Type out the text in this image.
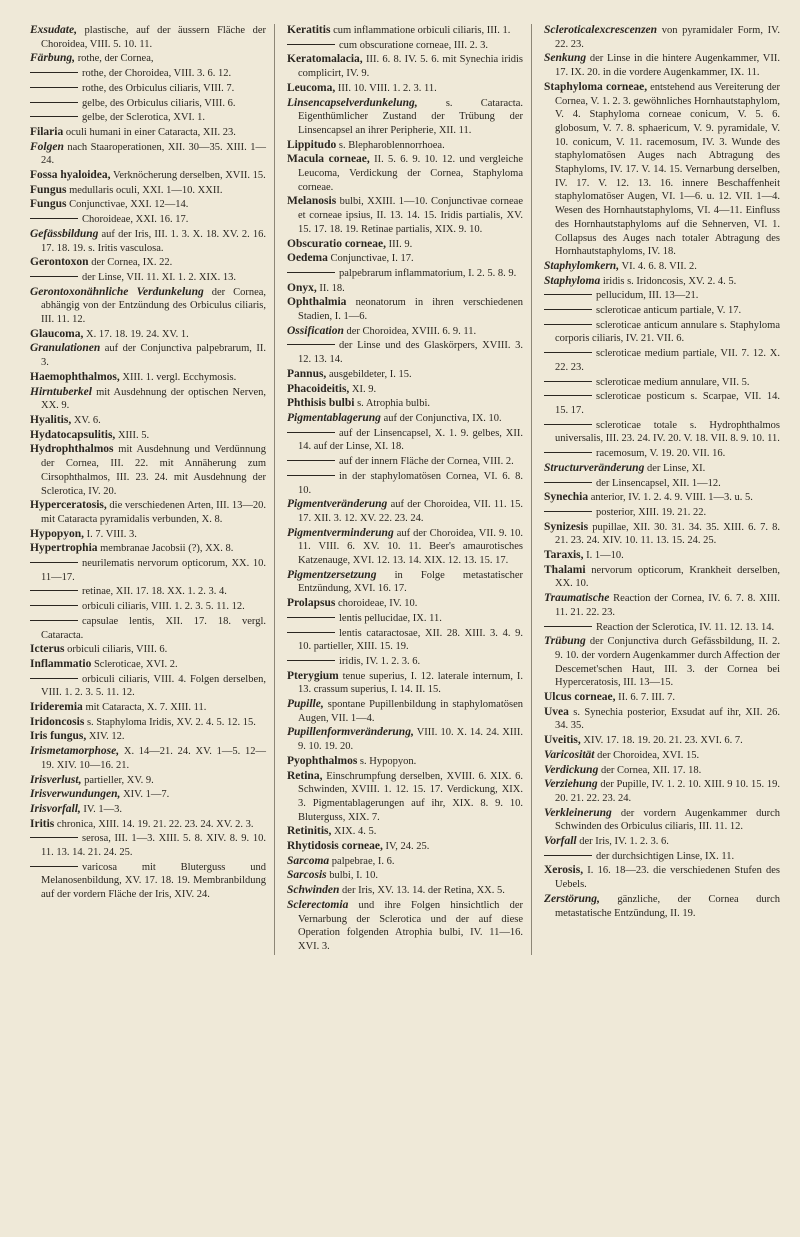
Exsudate, plastische, auf der äussern Fläche der Choroidea, VIII. 5. 10. 11.
Färbung, rothe, der Cornea,
rothe, der Choroidea, VIII. 3. 6. 12.
rothe, des Orbiculus ciliaris, VIII. 7.
gelbe, des Orbiculus ciliaris, VIII. 6.
gelbe, der Sclerotica, XVI. 1.
Filaria oculi humani in einer Cataracta, XII. 23.
Folgen nach Staaroperationen, XII. 30—35. XIII. 1—24.
Fossa hyaloidea, Verknöcherung derselben, XVII. 15.
Fungus medullaris oculi, XXI. 1—10. XXII.
Fungus Conjunctivae, XXI. 12—14.
Choroideae, XXI. 16. 17.
Gefässbildung auf der Iris, III. 1. 3. X. 18. XV. 2. 16. 17. 18. 19. s. Iritis vasculosa.
Gerontoxon der Cornea, IX. 22.
der Linse, VII. 11. XI. 1. 2. XIX. 13.
Gerontoxonähnliche Verdunkelung der Cornea, abhängig von der Entzündung des Orbiculus ciliaris, III. 11. 12.
Glaucoma, X. 17. 18. 19. 24. XV. 1.
Granulationen auf der Conjunctiva palpebrarum, II. 3.
Haemophthalmos, XIII. 1. vergl. Ecchymosis.
Hirntuberkel mit Ausdehnung der optischen Nerven, XX. 9.
Hyalitis, XV. 6.
Hydatocapsulitis, XIII. 5.
Hydrophthalmos mit Ausdehnung und Verdünnung der Cornea, III. 22. mit Annäherung zum Cirsophthalmos, III. 23. 24. mit Ausdehnung der Sclerotica, IV. 20.
Hyperceratosis, die verschiedenen Arten, III. 13—20. mit Cataracta pyramidalis verbunden, X. 8.
Hypopyon, I. 7. VIII. 3.
Hypertrophia membranae Jacobsii (?), XX. 8.
neurilematis nervorum opticorum, XX. 10. 11—17.
retinae, XII. 17. 18. XX. 1. 2. 3. 4.
orbiculi ciliaris, VIII. 1. 2. 3. 5. 11. 12.
capsulae lentis, XII. 17. 18. vergl. Cataracta.
Icterus orbiculi ciliaris, VIII. 6.
Inflammatio Scleroticae, XVI. 2.
orbiculi ciliaris, VIII. 4. Folgen derselben, VIII. 1. 2. 3. 5. 11. 12.
Irideremia mit Cataracta, X. 7. XIII. 11.
Iridoncosis s. Staphyloma Iridis, XV. 2. 4. 5. 12. 15.
Iris fungus, XIV. 12.
Irismetamorphose, X. 14—21. 24. XV. 1—5. 12—19. XIV. 10—16. 21.
Irisverlust, partieller, XV. 9.
Irisverwundungen, XIV. 1—7.
Irisvorfall, IV. 1—3.
Iritis chronica, XIII. 14. 19. 21. 22. 23. 24. XV. 2. 3.
serosa, III. 1—3. XIII. 5. 8. XIV. 8. 9. 10. 11. 13. 14. 21. 24. 25.
varicosa mit Bluterguss und Melanosenbildung, XV. 17. 18. 19. Membranbildung auf der vordern Fläche der Iris, XIV. 24.
Keratitis cum inflammatione orbiculi ciliaris, III. 1.
cum obscuratione corneae, III. 2. 3.
Keratomalacia, III. 6. 8. IV. 5. 6. mit Synechia iridis complicirt, IV. 9.
Leucoma, III. 10. VIII. 1. 2. 3. 11.
Linsencapselverdunkelung,	s. Cataracta. Eigenthümlicher Zustand der Trübung der Linsencapsel an ihrer Peripherie, XII. 11.
Lippitudo s. Blepharoblennorrhoea.
Macula corneae, II. 5. 6. 9. 10. 12. und vergleiche Leucoma, Verdickung der Cornea, Staphyloma corneae.
Melanosis bulbi, XXIII. 1—10. Conjunctivae corneae et corneae ipsius, II. 13. 14. 15. Iridis partialis, XV. 15. 17. 18. 19. Retinae partialis, XIX. 9. 10.
Obscuratio corneae, III. 9.
Oedema Conjunctivae, I. 17.
palpebrarum inflammatorium, I. 2. 5. 8. 9.
Onyx, II. 18.
Ophthalmia neonatorum in ihren verschiedenen Stadien, I. 1—6.
Ossification der Choroidea, XVIII. 6. 9. 11.
der Linse und des Glaskörpers, XVIII. 3. 12. 13. 14.
Pannus, ausgebildeter, I. 15.
Phacoideitis, XI. 9.
Phthisis bulbi s. Atrophia bulbi.
Pigmentablagerung auf der Conjunctiva, IX. 10.
auf der Linsencapsel, X. 1. 9. gelbes, XII. 14. auf der Linse, XI. 18.
auf der innern Fläche der Cornea, VIII. 2.
in der staphylomatösen Cornea, VI. 6. 8. 10.
Pigmentveränderung auf der Choroidea, VII. 11. 15. 17. XII. 3. 12. XV. 22. 23. 24.
Pigmentverminderung auf der Choroidea, VII. 9. 10. 11. VIII. 6. XV. 10. 11. Beer's amaurotisches Katzenauge, XVI. 12. 13. 14. XIX. 12. 13. 15. 17.
Pigmentzersetzung in Folge metastatischer Entzündung, XVI. 16. 17.
Prolapsus choroideae, IV. 10.
lentis pellucidae, IX. 11.
lentis cataractosae, XII. 28. XIII. 3. 4. 9. 10. partieller, XIII. 15. 19.
iridis, IV. 1. 2. 3. 6.
Pterygium tenue superius, I. 12. laterale internum, I. 13. crassum superius, I. 14. II. 15.
Pupille, spontane Pupillenbildung in staphylomatösen Augen, VII. 1—4.
Pupillenformveränderung, VIII. 10. X. 14. 24. XIII. 9. 10. 19. 20.
Pyophthalmos s. Hypopyon.
Retina, Einschrumpfung derselben, XVIII. 6. XIX. 6. Schwinden, XVIII. 1. 12. 15. 17. Verdickung, XIX. 3. Pigmentablagerungen auf ihr, XIX. 8. 9. 10. Bluterguss, XIX. 7.
Retinitis, XIX. 4. 5.
Rhytidosis corneae, IV, 24. 25.
Sarcoma palpebrae, I. 6.
Sarcosis bulbi, I. 10.
Schwinden der Iris, XV. 13. 14. der Retina, XX. 5.
Sclerectomia und ihre Folgen hinsichtlich der Vernarbung der Sclerotica und der auf diese Operation folgenden Atrophia bulbi, IV. 11—16. XVI. 3.
Scleroticalexcrescenzen von pyramidaler Form, IV. 22. 23.
Senkung der Linse in die hintere Augenkammer, VII. 17. IX. 20. in die vordere Augenkammer, IX. 11.
Staphyloma corneae, entstehend aus Vereiterung der Cornea, V. 1. 2. 3. gewöhnliches Hornhautstaphylom, V. 4. Staphyloma corneae conicum, V. 5. 6. globosum, V. 7. 8. sphaericum, V. 9. pyramidale, V. 10. conicum, V. 11. racemosum, IV. 3. Wunde des staphylomatösen Auges nach Abtragung des Staphyloms, IV. 17. V. 14. 15. Vernarbung derselben, IV. 17. V. 12. 13. 16. innere Beschaffenheit staphylomatöser Augen, VI. 1—6. u. 12. VII. 1—4. Wesen des Hornhautstaphyloms, VI. 4—11. Einfluss des Hornhautstaphyloms auf die Sehnerven, VI. 1. Collapsus des Auges nach totaler Abtragung des Hornhautstaphyloms, IV. 18.
Staphylomkern, VI. 4. 6. 8. VII. 2.
Staphyloma iridis s. Iridoncosis, XV. 2. 4. 5.
pellucidum, III. 13—21.
scleroticae anticum partiale, V. 17.
scleroticae anticum annulare s. Staphyloma corporis ciliaris, IV. 21. VII. 6.
scleroticae medium partiale, VII. 7. 12. X. 22. 23.
scleroticae medium annulare, VII. 5.
scleroticae posticum s. Scarpae, VII. 14. 15. 17.
scleroticae totale s. Hydrophthalmos universalis, III. 23. 24. IV. 20. V. 18. VII. 8. 9. 10. 11.
racemosum, V. 19. 20. VII. 16.
Structurveränderung der Linse, XI.
der Linsencapsel, XII. 1—12.
Synechia anterior, IV. 1. 2. 4. 9. VIII. 1—3. u. 5.
posterior, XIII. 19. 21. 22.
Synizesis pupillae, XII. 30. 31. 34. 35. XIII. 6. 7. 8. 21. 23. 24. XIV. 10. 11. 13. 15. 24. 25.
Taraxis, I. 1—10.
Thalami nervorum opticorum, Krankheit derselben, XX. 10.
Traumatische Reaction der Cornea, IV. 6. 7. 8. XIII. 11. 21. 22. 23.
Reaction der Sclerotica, IV. 11. 12. 13. 14.
Trübung der Conjunctiva durch Gefässbildung, II. 2. 9. 10. der vordern Augenkammer durch Affection der Descemet'schen Haut, III. 3. der Cornea bei Hyperceratosis, III. 13—15.
Ulcus corneae, II. 6. 7. III. 7.
Uvea s. Synechia posterior, Exsudat auf ihr, XII. 26. 34. 35.
Uveitis, XIV. 17. 18. 19. 20. 21. 23. XVI. 6. 7.
Varicosität der Choroidea, XVI. 15.
Verdickung der Cornea, XII. 17. 18.
Verziehung der Pupille, IV. 1. 2. 10. XIII. 9 10. 15. 19. 20. 21. 22. 23. 24.
Verkleinerung der vordern Augenkammer durch Schwinden des Orbiculus ciliaris, III. 11. 12.
Vorfall der Iris, IV. 1. 2. 3. 6.
der durchsichtigen Linse, IX. 11.
Xerosis, I. 16. 18—23. die verschiedenen Stufen des Uebels.
Zerstörung, gänzliche, der Cornea durch metastatische Entzündung, II. 19.
